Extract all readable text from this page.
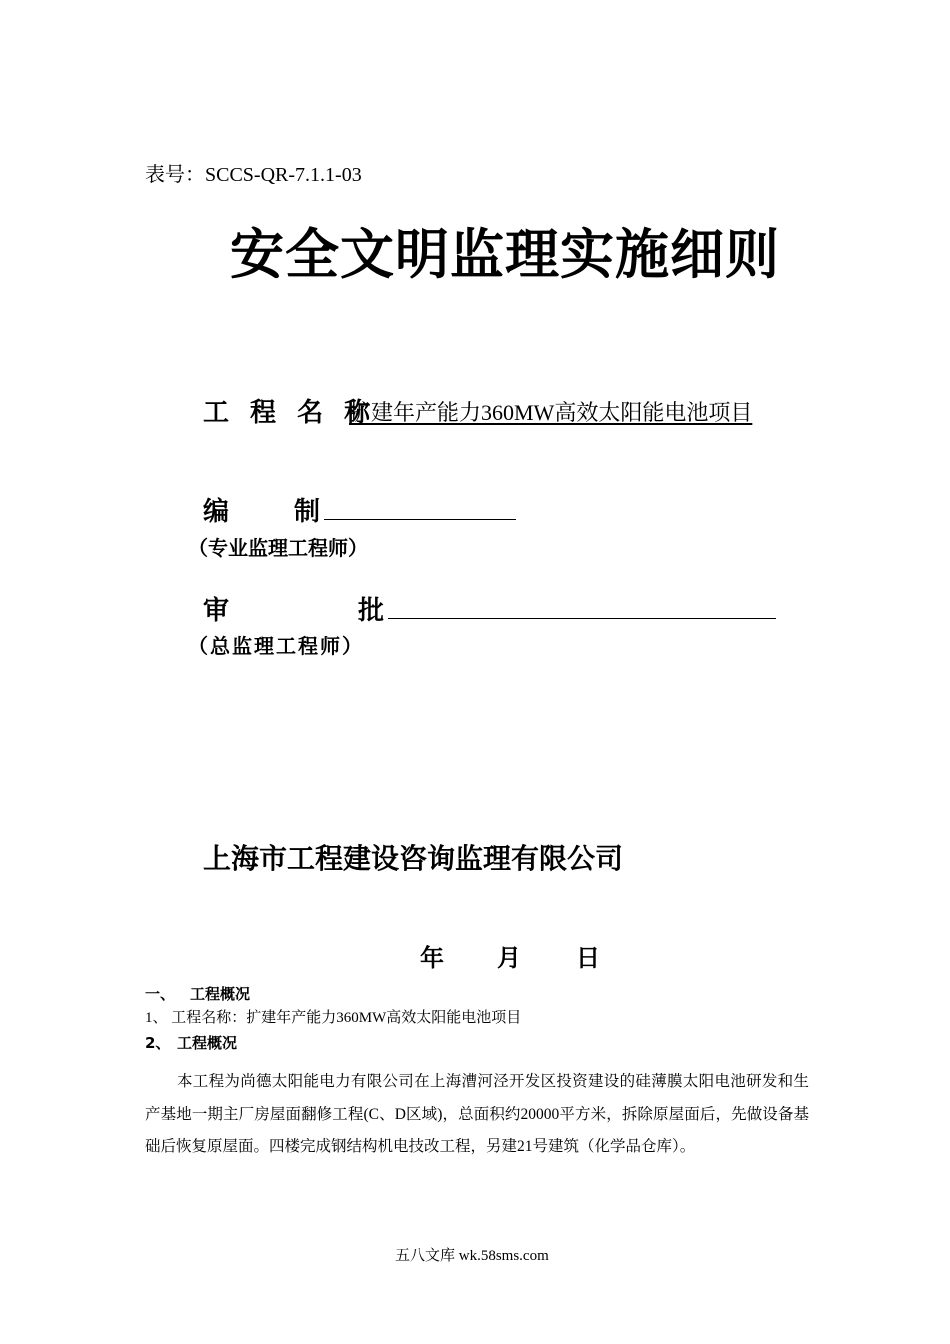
表号：SCCS-QR-7.1.1-03
安全文明监理实施细则
工 程 名 称
扩建年产能力360MW高效太阳能电池项目
编 制
（专业监理工程师）
审	批
（总监理工程师）
上海市工程建设咨询监理有限公司
年 月 日
一、 工程概况
1、 工程名称：扩建年产能力360MW高效太阳能电池项目
2、 工程概况
本工程为尚德太阳能电力有限公司在上海漕河泾开发区投资建设的硅薄膜太阳电池研发和生产基地一期主厂房屋面翻修工程(C、D区域)，总面积约20000平方米，拆除原屋面后，先做设备基础后恢复原屋面。四楼完成钢结构机电技改工程，另建21号建筑（化学品仓库）。
五八文库 wk.58sms.com
